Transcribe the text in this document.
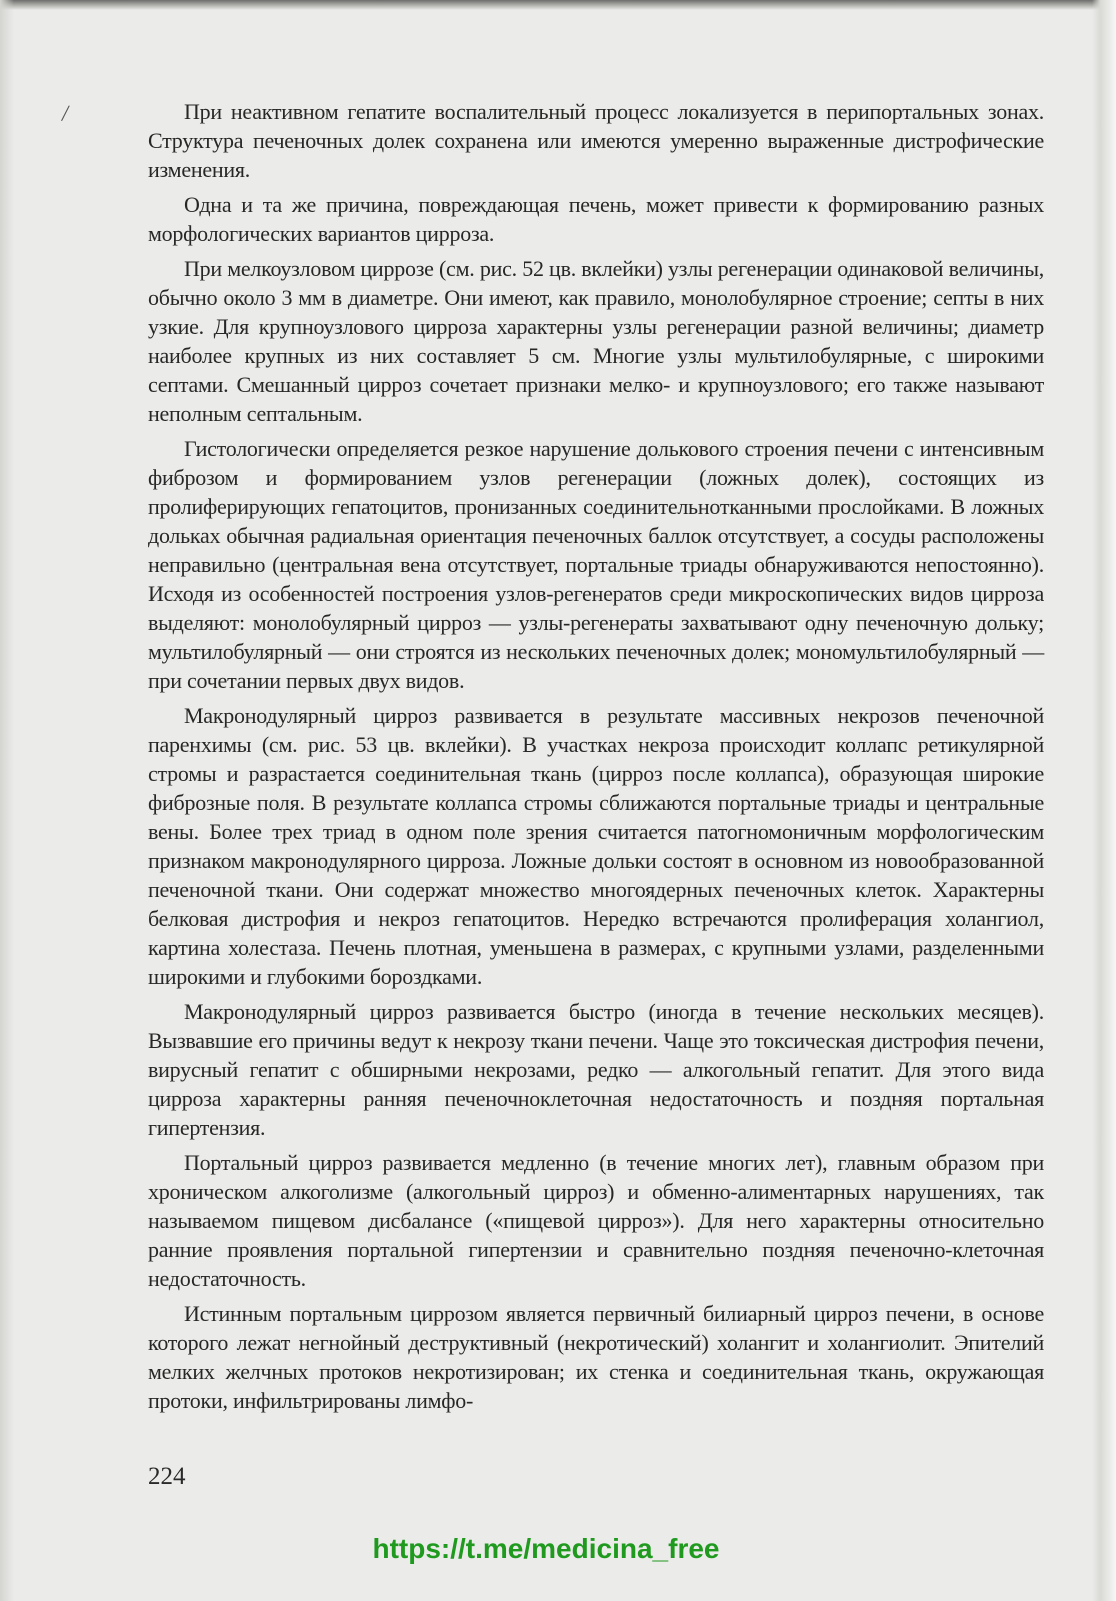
/	При неактивном гепатите воспалительный процесс локализуется в перипортальных зонах. Структура печеночных долек сохранена или имеются умеренно выраженные дистрофические изменения.

Одна и та же причина, повреждающая печень, может привести к формированию разных морфологических вариантов цирроза.

При мелкоузловом циррозе (см. рис. 52 цв. вклейки) узлы регенерации одинаковой величины, обычно около 3 мм в диаметре. Они имеют, как правило, монолобулярное строение; септы в них узкие. Для крупноузлового цирроза характерны узлы регенерации разной величины; диаметр наиболее крупных из них составляет 5 см. Многие узлы мультилобулярные, с широкими септами. Смешанный цирроз сочетает признаки мелко- и крупноузлового; его также называют неполным септальным.

Гистологически определяется резкое нарушение долькового строения печени с интенсивным фиброзом и формированием узлов регенерации (ложных долек), состоящих из пролиферирующих гепатоцитов, пронизанных соединительнотканными прослойками. В ложных дольках обычная радиальная ориентация печеночных баллок отсутствует, а сосуды расположены неправильно (центральная вена отсутствует, портальные триады обнаруживаются непостоянно). Исходя из особенностей построения узлов-регенератов среди микроскопических видов цирроза выделяют: монолобулярный цирроз — узлы-регенераты захватывают одну печеночную дольку; мультилобулярный — они строятся из нескольких печеночных долек; мономультилобулярный — при сочетании первых двух видов.

Макронодулярный цирроз развивается в результате массивных некрозов печеночной паренхимы (см. рис. 53 цв. вклейки). В участках некроза происходит коллапс ретикулярной стромы и разрастается соединительная ткань (цирроз после коллапса), образующая широкие фиброзные поля. В результате коллапса стромы сближаются портальные триады и центральные вены. Более трех триад в одном поле зрения считается патогномоничным морфологическим признаком макронодулярного цирроза. Ложные дольки состоят в основном из новообразованной печеночной ткани. Они содержат множество многоядерных печеночных клеток. Характерны белковая дистрофия и некроз гепатоцитов. Нередко встречаются пролиферация холангиол, картина холестаза. Печень плотная, уменьшена в размерах, с крупными узлами, разделенными широкими и глубокими бороздками.

Макронодулярный цирроз развивается быстро (иногда в течение нескольких месяцев). Вызвавшие его причины ведут к некрозу ткани печени. Чаще это токсическая дистрофия печени, вирусный гепатит с обширными некрозами, редко — алкогольный гепатит. Для этого вида цирроза характерны ранняя печеночноклеточная недостаточность и поздняя портальная гипертензия.

Портальный цирроз развивается медленно (в течение многих лет), главным образом при хроническом алкоголизме (алкогольный цирроз) и обменно-алиментарных нарушениях, так называемом пищевом дисбалансе («пищевой цирроз»). Для него характерны относительно ранние проявления портальной гипертензии и сравнительно поздняя печеночно-клеточная недостаточность.

Истинным портальным циррозом является первичный билиарный цирроз печени, в основе которого лежат негнойный деструктивный (некротический) холангит и холангиолит. Эпителий мелких желчных протоков некротизирован; их стенка и соединительная ткань, окружающая протоки, инфильтрированы лимфо-

224
https://t.me/medicina_free
